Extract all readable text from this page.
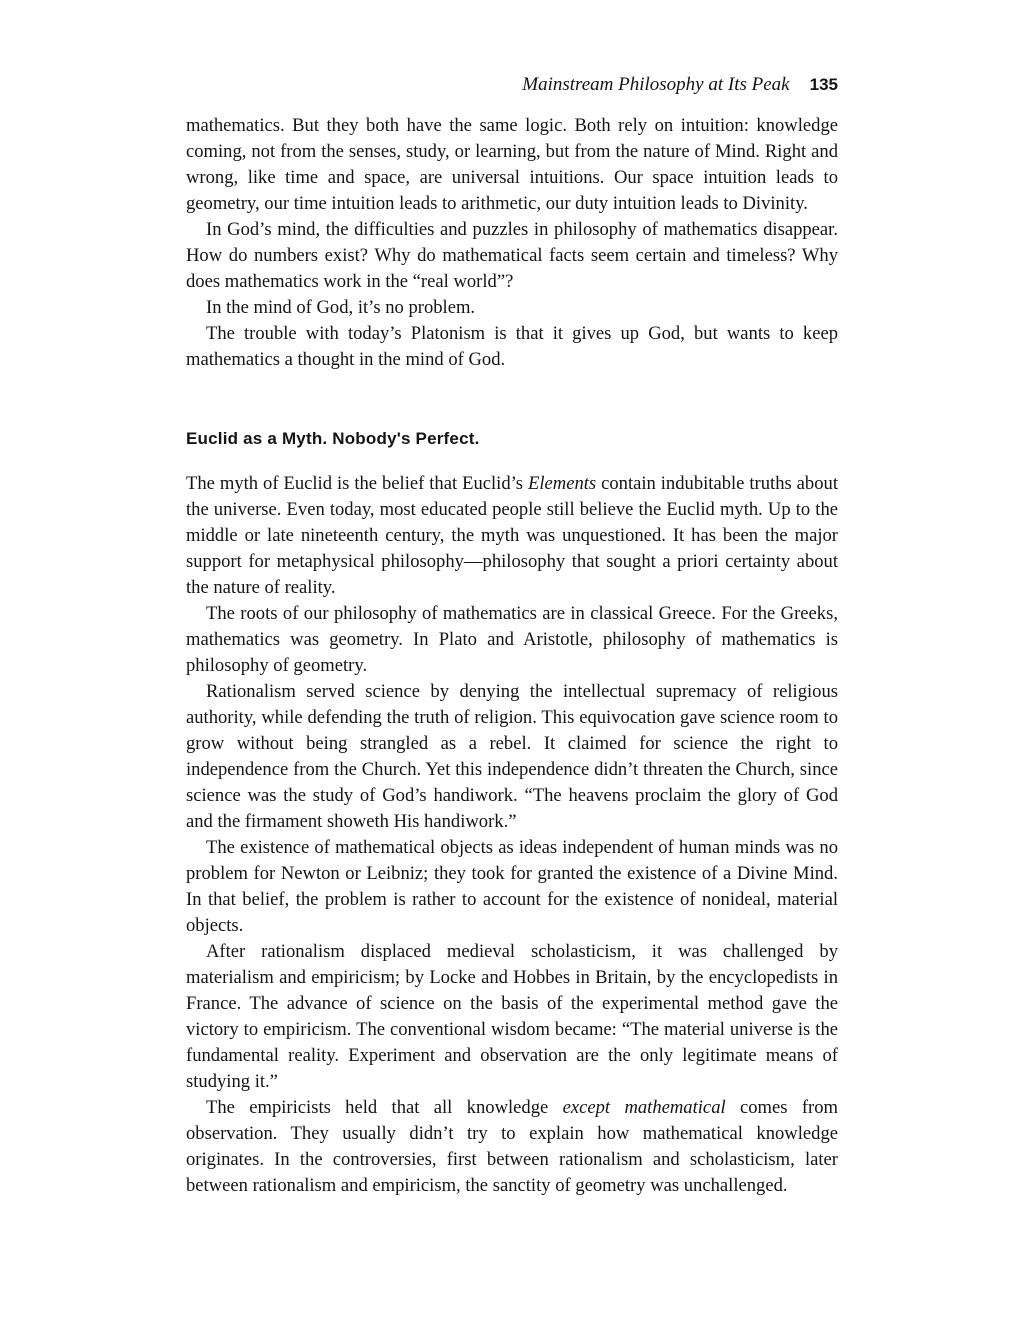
Mainstream Philosophy at Its Peak 135

mathematics. But they both have the same logic. Both rely on intuition: knowledge coming, not from the senses, study, or learning, but from the nature of Mind. Right and wrong, like time and space, are universal intuitions. Our space intuition leads to geometry, our time intuition leads to arithmetic, our duty intuition leads to Divinity.

In God’s mind, the difficulties and puzzles in philosophy of mathematics disappear. How do numbers exist? Why do mathematical facts seem certain and timeless? Why does mathematics work in the “real world”?

In the mind of God, it’s no problem.

The trouble with today’s Platonism is that it gives up God, but wants to keep mathematics a thought in the mind of God.

Euclid as a Myth. Nobody's Perfect.

The myth of Euclid is the belief that Euclid’s Elements contain indubitable truths about the universe. Even today, most educated people still believe the Euclid myth. Up to the middle or late nineteenth century, the myth was unquestioned. It has been the major support for metaphysical philosophy—philosophy that sought a priori certainty about the nature of reality.

The roots of our philosophy of mathematics are in classical Greece. For the Greeks, mathematics was geometry. In Plato and Aristotle, philosophy of mathematics is philosophy of geometry.

Rationalism served science by denying the intellectual supremacy of religious authority, while defending the truth of religion. This equivocation gave science room to grow without being strangled as a rebel. It claimed for science the right to independence from the Church. Yet this independence didn’t threaten the Church, since science was the study of God’s handiwork. “The heavens proclaim the glory of God and the firmament showeth His handiwork.”

The existence of mathematical objects as ideas independent of human minds was no problem for Newton or Leibniz; they took for granted the existence of a Divine Mind. In that belief, the problem is rather to account for the existence of nonideal, material objects.

After rationalism displaced medieval scholasticism, it was challenged by materialism and empiricism; by Locke and Hobbes in Britain, by the encyclopedists in France. The advance of science on the basis of the experimental method gave the victory to empiricism. The conventional wisdom became: “The material universe is the fundamental reality. Experiment and observation are the only legitimate means of studying it.”

The empiricists held that all knowledge except mathematical comes from observation. They usually didn’t try to explain how mathematical knowledge originates. In the controversies, first between rationalism and scholasticism, later between rationalism and empiricism, the sanctity of geometry was unchallenged.
